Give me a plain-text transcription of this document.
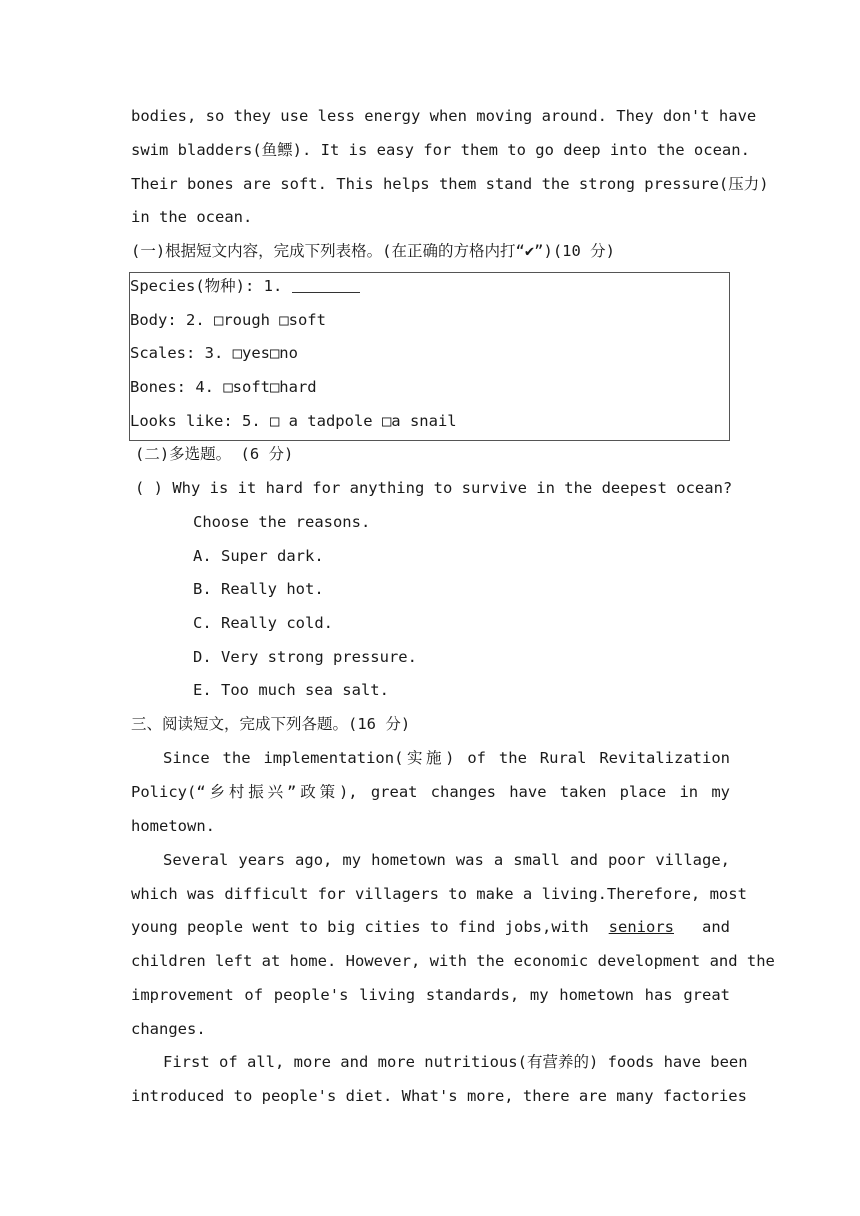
bodies, so they use less energy when moving around. They don't have
swim bladders(鱼鳔). It is easy for them to go deep into the ocean.
Their bones are soft. This helps them stand the strong pressure(压力)
in the ocean.
(一)根据短文内容，完成下列表格。(在正确的方格内打“✔”)(10 分)
Species(物种): 1.
Body: 2. □rough □soft
Scales: 3. □yes□no
Bones: 4. □soft□hard
Looks like: 5. □ a tadpole □a snail
(二)多选题。 (6 分)
( ) Why is it hard for anything to survive in the deepest ocean?
Choose the reasons.
A. Super dark.
B. Really hot.
C. Really cold.
D. Very strong pressure.
E. Too much sea salt.
三、阅读短文，完成下列各题。(16 分)
Since the implementation(实施) of the Rural Revitalization
Policy(“乡村振兴”政策), great changes have taken place in my
hometown.
Several years ago, my hometown was a small and poor village,
which was difficult for villagers to make a living.Therefore, most
young people went to big cities to find jobs,with	seniors	and
children left at home. However, with the economic development and the
improvement of people's living standards, my hometown has great
changes.
First of all, more and more nutritious(有营养的) foods have been
introduced to people's diet. What's more, there are many factories
